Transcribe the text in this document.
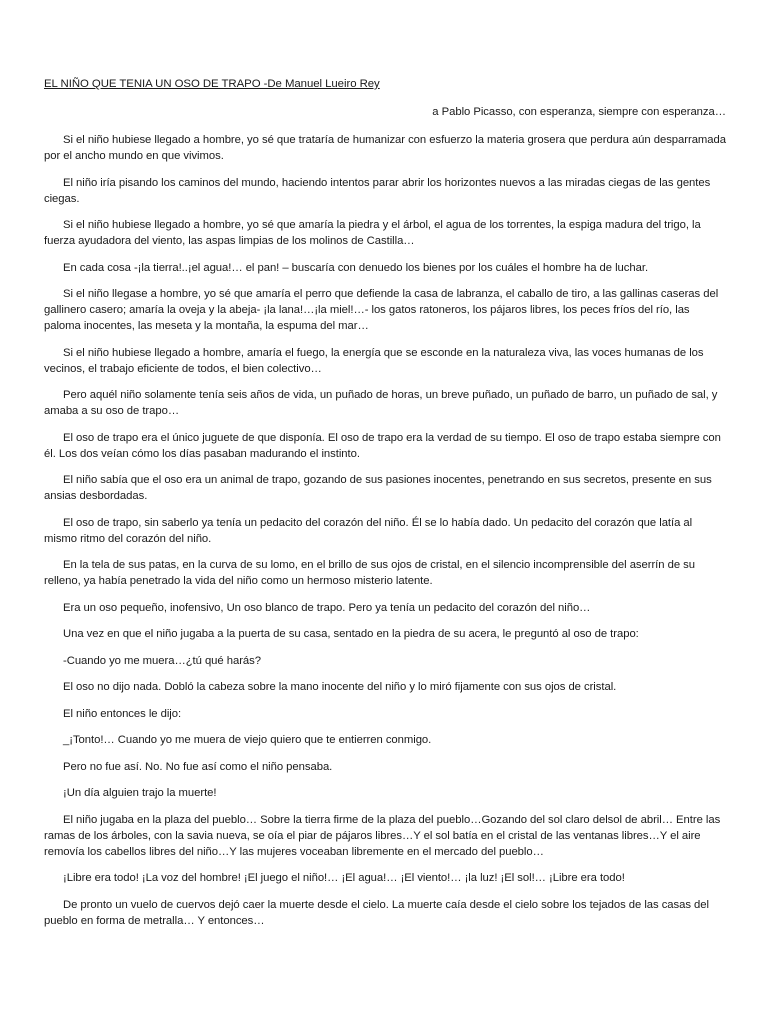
EL NIÑO QUE TENIA UN OSO DE TRAPO -De Manuel Lueiro Rey

a Pablo Picasso, con esperanza, siempre con esperanza…

Si el niño hubiese llegado a hombre, yo sé que trataría de humanizar con esfuerzo la materia grosera que perdura aún desparramada por el ancho mundo en que vivimos.

El niño iría pisando los caminos del mundo, haciendo intentos parar abrir los horizontes nuevos a las miradas ciegas de las gentes ciegas.

Si el niño hubiese llegado a hombre, yo sé que amaría la piedra y el árbol, el agua de los torrentes, la espiga madura del trigo, la fuerza ayudadora del viento, las aspas limpias de los molinos de Castilla…

En cada cosa -¡la tierra!..¡el agua!… el pan! – buscaría con denuedo los bienes por los cuáles el hombre ha de luchar.

Si el niño llegase a hombre, yo sé que amaría el perro que defiende la casa de labranza, el caballo de tiro, a las gallinas caseras del gallinero casero; amaría la oveja y la abeja- ¡la lana!…¡la miel!…- los gatos ratoneros, los pájaros libres, los peces fríos del río, las paloma inocentes, las meseta y la montaña, la espuma del mar…

Si el niño hubiese llegado a hombre, amaría el fuego, la energía que se esconde en la naturaleza viva, las voces humanas de los vecinos, el trabajo eficiente de todos, el bien colectivo…

Pero aquél niño solamente tenía seis años de vida, un puñado de horas, un breve puñado, un puñado de barro, un puñado de sal, y amaba a su oso de trapo…

El oso de trapo era el único juguete de que disponía. El oso de trapo era la verdad de su tiempo. El oso de trapo estaba siempre con él. Los dos veían cómo los días pasaban madurando el instinto.

El niño sabía que el oso era un animal de trapo, gozando de sus pasiones inocentes, penetrando en sus secretos, presente en sus ansias desbordadas.

El oso de trapo, sin saberlo ya tenía un pedacito del corazón del niño. Él se lo había dado. Un pedacito del corazón que latía al mismo ritmo del corazón del niño.

En la tela de sus patas, en la curva de su lomo, en el brillo de sus ojos de cristal, en el silencio incomprensible del aserrín de su relleno, ya había penetrado la vida del niño como un hermoso misterio latente.

Era un oso pequeño, inofensivo, Un oso blanco de trapo. Pero ya tenía un pedacito del corazón del niño…

Una vez en que el niño jugaba a la puerta de su casa, sentado en la piedra de su acera, le preguntó al oso de trapo:

-Cuando yo me muera…¿tú qué harás?

El oso no dijo nada. Dobló la cabeza sobre la mano inocente del niño y lo miró fijamente con sus ojos de cristal.

El niño entonces le dijo:

_¡Tonto!… Cuando yo me muera de viejo quiero que te entierren conmigo.

Pero no fue así. No. No fue así como el niño pensaba.

¡Un día alguien trajo la muerte!

El niño jugaba en la plaza del pueblo… Sobre la tierra firme de la plaza del pueblo…Gozando del sol claro delsol de abril… Entre las ramas de los árboles, con la savia nueva, se oía el piar de pájaros libres…Y el sol batía en el cristal de las ventanas libres…Y el aire removía los cabellos libres del niño…Y las mujeres voceaban libremente en el mercado del pueblo…

¡Libre era todo! ¡La voz del hombre! ¡El juego el niño!… ¡El agua!… ¡El viento!… ¡la luz! ¡El sol!… ¡Libre era todo!

De pronto un vuelo de cuervos dejó caer la muerte desde el cielo. La muerte caía desde el cielo sobre los tejados de las casas del pueblo en forma de metralla… Y entonces…
